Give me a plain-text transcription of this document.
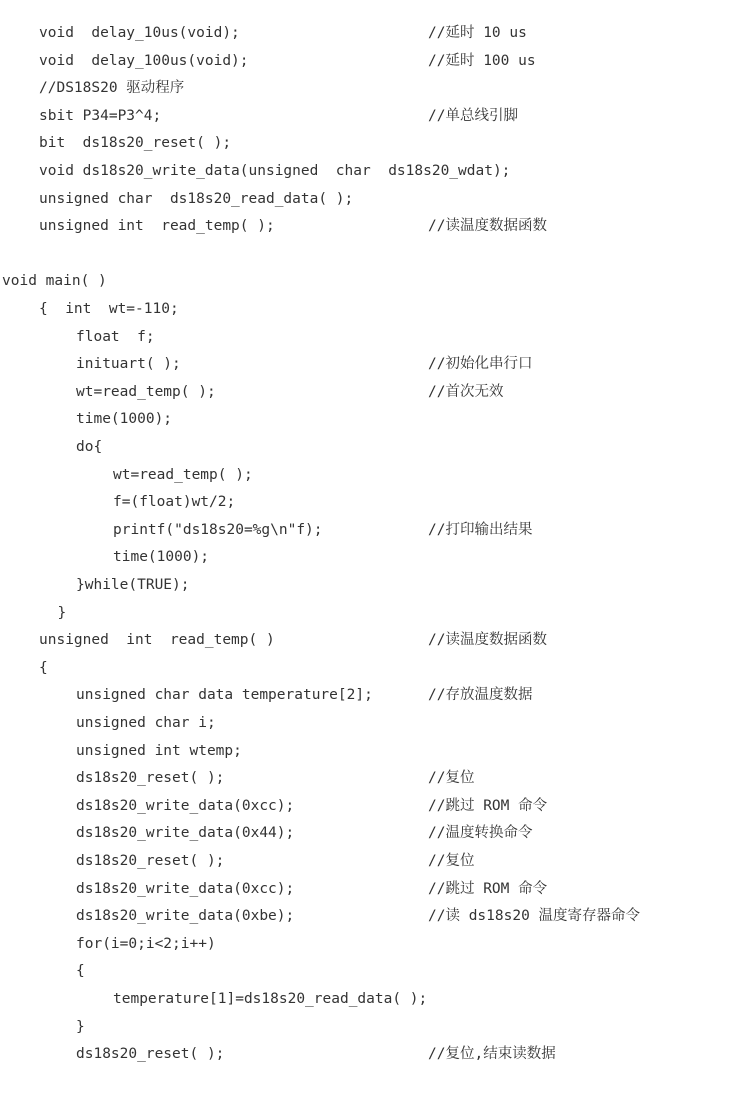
void  delay_10us(void);	//延时 10 us
void  delay_100us(void);	//延时 100 us
//DS18S20 驱动程序
sbit P34=P3^4;	//单总线引脚
bit  ds18s20_reset( );
void ds18s20_write_data(unsigned  char  ds18s20_wdat);
unsigned char  ds18s20_read_data( );
unsigned int  read_temp( );	//读温度数据函数
void main( )
{  int  wt=-110;
float  f;
inituart( );	//初始化串行口
wt=read_temp( );	//首次无效
time(1000);
do{
wt=read_temp( );
f=(float)wt/2;
printf("ds18s20=%g\n"f);	//打印输出结果
time(1000);
}while(TRUE);
}
unsigned  int  read_temp( )	//读温度数据函数
{
unsigned char data temperature[2];	//存放温度数据
unsigned char i;
unsigned int wtemp;
ds18s20_reset( );	//复位
ds18s20_write_data(0xcc);	//跳过 ROM 命令
ds18s20_write_data(0x44);	//温度转换命令
ds18s20_reset( );	//复位
ds18s20_write_data(0xcc);	//跳过 ROM 命令
ds18s20_write_data(0xbe);	//读 ds18s20 温度寄存器命令
for(i=0;i<2;i++)
{
temperature[1]=ds18s20_read_data( );
}
ds18s20_reset( );	//复位,结束读数据
